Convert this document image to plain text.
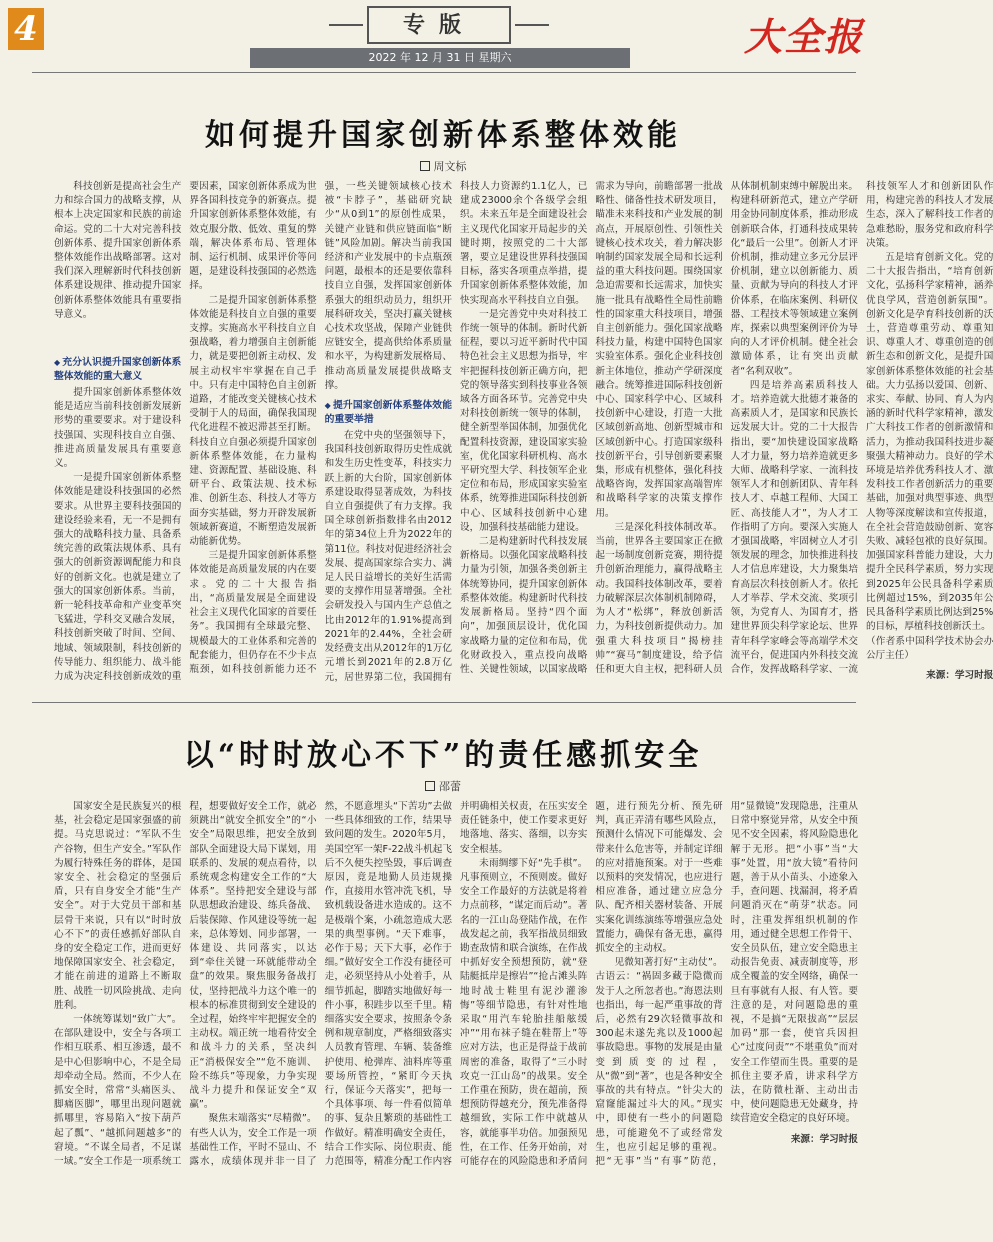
4	专版
2022 年 12 月 31 日 星期六	大全报
如何提升国家创新体系整体效能
周文标

科技创新是提高社会生产力和综合国力的战略支撑，从根本上决定国家和民族的前途命运。党的二十大对完善科技创新体系、提升国家创新体系整体效能作出战略部署。这对我们深入理解新时代科技创新体系建设规律、推动提升国家创新体系整体效能具有重要指导意义。

◆ 充分认识提升国家创新体系整体效能的重大意义

提升国家创新体系整体效能是适应当前科技创新发展新形势的重要要求。对于建设科技强国、实现科技自立自强、推进高质量发展具有重要意义。

一是提升国家创新体系整体效能是建设科技强国的必然要求。从世界主要科技强国的建设经验来看，无一不是拥有强大的战略科技力量、具备系统完善的政策法规体系、具有强大的创新资源调配能力和良好的创新文化。也就是建立了强大的国家创新体系。当前，新一轮科技革命和产业变革突飞猛进，学科交叉融合发展，科技创新突破了时间、空间、地域、领域限制，科技创新的传导能力、组织能力、战斗能力成为决定科技创新成效的重要因素，国家创新体系成为世界各国科技竞争的新赛点。提升国家创新体系整体效能，有效克服分散、低效、重复的弊端，解决体系布局、管理体制、运行机制、成果评价等问题，是建设科技强国的必然选择。

二是提升国家创新体系整体效能是科技自立自强的重要支撑。实施高水平科技自立自强战略，着力增强自主创新能力，就是要把创新主动权、发展主动权牢牢掌握在自己手中。只有走中国特色自主创新道路，才能改变关键核心技术受制于人的局面，确保我国现代化进程不被迟滞甚至打断。科技自立自强必须提升国家创新体系整体效能，在力量构建、资源配置、基础设施、科研平台、政策法规、技术标准、创新生态、科技人才等方面夯实基础，努力开辟发展新领域新赛道，不断塑造发展新动能新优势。

三是提升国家创新体系整体效能是高质量发展的内在要求。党的二十大报告指出，“高质量发展是全面建设社会主义现代化国家的首要任务”。我国拥有全球最完整、规模最大的工业体系和完善的配套能力，但仍存在不少卡点瓶颈，如科技创新能力还不强，一些关键领域核心技术被“卡脖子”，基础研究缺少“从0到1”的原创性成果，关键产业链和供应链面临“断链”风险加剧。解决当前我国经济和产业发展中的卡点瓶颈问题，最根本的还是要依靠科技自立自强，发挥国家创新体系强大的组织动员力，组织开展科研攻关，坚决打赢关键核心技术攻坚战，保障产业链供应链安全，提高供给体系质量和水平，为构建新发展格局、推动高质量发展提供战略支撑。

◆ 提升国家创新体系整体效能的重要举措

在党中央的坚强领导下，我国科技创新取得历史性成就和发生历史性变革，科技实力跃上新的大台阶，国家创新体系建设取得显著成效，为科技自立自强提供了有力支撑。我国全球创新指数排名由2012年的第34位上升为2022年的第11位。科技对促进经济社会发展、提高国家综合实力、满足人民日益增长的美好生活需要的支撑作用显著增强。全社会研发投入与国内生产总值之比由2012年的1.91%提高到2021年的2.44%，全社会研发经费支出从2012年的1万亿元增长到2021年的2.8万亿元，居世界第二位，我国拥有科技人力资源约1.1亿人，已建成23000余个各级学会组织。未来五年是全面建设社会主义现代化国家开局起步的关键时期，按照党的二十大部署，要立足建设世界科技强国目标，落实各项重点举措，提升国家创新体系整体效能，加快实现高水平科技自立自强。

一是完善党中央对科技工作统一领导的体制。新时代新征程，要以习近平新时代中国特色社会主义思想为指导，牢牢把握科技创新正确方向，把党的领导落实到科技事业各领域各方面各环节。完善党中央对科技创新统一领导的体制，健全新型举国体制，加强优化配置科技资源，建设国家实验室，优化国家科研机构、高水平研究型大学、科技领军企业定位和布局，形成国家实验室体系，统筹推进国际科技创新中心、区域科技创新中心建设，加强科技基础能力建设。

二是构建新时代科技发展新格局。以强化国家战略科技力量为引领，加强各类创新主体统筹协同，提升国家创新体系整体效能。构建新时代科技发展新格局。坚持“四个面向”，加强顶层设计，优化国家战略力量的定位和布局，优化财政投入，重点投向战略性、关键性领域，以国家战略需求为导向，前瞻部署一批战略性、储备性技术研发项目，瞄准未来科技和产业发展的制高点，开展原创性、引领性关键核心技术攻关，着力解决影响制约国家发展全局和长远利益的重大科技问题。围绕国家急迫需要和长远需求，加快实施一批具有战略性全局性前瞻性的国家重大科技项目，增强自主创新能力。强化国家战略科技力量，构建中国特色国家实验室体系。强化企业科技创新主体地位，推动产学研深度融合。统筹推进国际科技创新中心、国家科学中心、区域科技创新中心建设，打造一大批区域创新高地、创新型城市和区域创新中心。打造国家级科技创新平台，引导创新要素聚集，形成有机整体，强化科技战略咨询，发挥国家高端智库和战略科学家的决策支撑作用。

三是深化科技体制改革。当前，世界各主要国家正在掀起一场制度创新竞赛，期待提升创新治理能力，赢得战略主动。我国科技体制改革，要着力破解深层次体制机制障碍，为人才“松绑”，释放创新活力，为科技创新提供动力。加强重大科技项目“揭榜挂帅”“赛马”制度建设，给予信任和更大自主权，把科研人员从体制机制束缚中解脱出来。构建科研新范式，建立产学研用金协同制度体系，推动形成创新联合体，打通科技成果转化“最后一公里”。创新人才评价机制，推动建立多元分层评价机制，建立以创新能力、质量、贡献为导向的科技人才评价体系，在临床案例、科研仪器、工程技术等领域建立案例库，探索以典型案例评价为导向的人才评价机制。健全社会激励体系，让有突出贡献者“名利双收”。

四是培养高素质科技人才。培养造就大批德才兼备的高素质人才，是国家和民族长远发展大计。党的二十大报告指出，要“加快建设国家战略人才力量，努力培养造就更多大师、战略科学家、一流科技领军人才和创新团队、青年科技人才、卓越工程师、大国工匠、高技能人才”，为人才工作指明了方向。要深入实施人才强国战略，牢固树立人才引领发展的理念，加快推进科技人才信息库建设，大力聚集培育高层次科技创新人才。依托人才举荐、学术交流、奖项引领，为党育人、为国育才，搭建世界顶尖科学家论坛、世界青年科学家峰会等高端学术交流平台，促进国内外科技交流合作，发挥战略科学家、一流科技领军人才和创新团队作用，构建完善的科技人才发展生态，深入了解科技工作者的急难愁盼，服务党和政府科学决策。

五是培育创新文化。党的二十大报告指出，“培育创新文化，弘扬科学家精神，涵养优良学风，营造创新氛围”。创新文化是孕育科技创新的沃土，营造尊重劳动、尊重知识、尊重人才、尊重创造的创新生态和创新文化，是提升国家创新体系整体效能的社会基础。大力弘扬以爱国、创新、求实、奉献、协同、育人为内涵的新时代科学家精神，激发广大科技工作者的创新激情和活力，为推动我国科技进步凝聚强大精神动力。良好的学术环境是培养优秀科技人才、激发科技工作者创新活力的重要基础，加强对典型事迹、典型人物等深度解读和宣传报道，在全社会营造鼓励创新、宽容失败、减轻包袱的良好氛围。加强国家科普能力建设，大力提升全民科学素质，努力实现到2025年公民具备科学素质比例超过15%，到2035年公民具备科学素质比例达到25%的目标，厚植科技创新沃土。

（作者系中国科学技术协会办公厅主任）

来源：学习时报
以“时时放心不下”的责任感抓安全
邵蕾

国家安全是民族复兴的根基，社会稳定是国家强盛的前提。马克思说过：“军队不生产谷物，但生产安全。”军队作为履行特殊任务的群体，是国家安全、社会稳定的坚强后盾，只有自身安全才能“生产安全”。对于大党员干部和基层骨干来说，只有以“时时放心不下”的责任感抓好部队自身的安全稳定工作，进而更好地保障国家安全、社会稳定，才能在前进的道路上不断取胜、战胜一切风险挑战、走向胜利。

一体统筹谋划“致广大”。在部队建设中，安全与各项工作相互联系、相互渗透，最不是中心但影响中心，不是全局却牵动全局。然而，不少人在抓安全时，常常“头痛医头、脚痛医脚”，哪里出现问题就抓哪里，容易陷入“按下葫芦起了瓢”、“越抓问题越多”的窘境。“不谋全局者，不足谋一域。”安全工作是一项系统工程，想要做好安全工作，就必须跳出“就安全抓安全”的“小安全”局限思维，把安全放到部队全面建设大局下谋划，用联系的、发展的观点看待，以系统观念构建安全工作的“大体系”。坚持把安全建设与部队思想政治建设、练兵备战、后装保障、作风建设等统一起来，总体筹划、同步部署，一体建设、共同落实，以达到“牵住关键一环就能带动全盘”的效果。聚焦服务备战打仗，坚持把战斗力这个唯一的根本的标准贯彻到安全建设的全过程，始终牢牢把握安全的主动权。端正统一地看待安全和战斗力的关系，坚决纠正“消极保安全”“危不施训、险不练兵”等现象，力争实现战斗力提升和保证安全“双赢”。

聚焦末端落实“尽精微”。有些人认为，安全工作是一项基础性工作，平时不显山、不露水，成绩体现并非一目了然，不愿意埋头“下苦功”去做一些具体细致的工作，结果导致问题的发生。2020年5月，美国空军一架F-22战斗机起飞后不久便失控坠毁，事后调查原因，竟是地勤人员违规操作，直接用水管冲洗飞机，导致机载设备进水造成的。这不是极端个案，小疏忽造成大恶果的典型事例。“天下难事，必作于易；天下大事，必作于细。”做好安全工作没有捷径可走，必须坚持从小处着手，从细节抓起，脚踏实地做好每一件小事，积跬步以至千里。精细落实安全要求，按照条令条例和规章制度，严格细致落实人员教育管理、车辆、装备维护使用、枪弹库、油料库等重要场所管控，“紧盯今天执行，保证今天落实”，把每一个具体事项、每一件看似简单的事、复杂且繁琐的基础性工作做好。精准明确安全责任，结合工作实际、岗位职责、能力范围等，精准分配工作内容并明确相关权责，在压实安全责任链条中，使工作要求更好地落地、落实、落细，以夯实安全根基。

未雨绸缪下好“先手棋”。凡事预则立，不预则废。做好安全工作最好的方法就是将着力点前移，“谋定而后动”。著名的一江山岛登陆作战，在作战发起之前，我军指战员细致勘查敌情和联合演练，在作战中抓好安全预想预防，就“登陆艇抵岸是擦岩”“抢占滩头阵地时战士鞋里有泥沙灌渗悔”等细节隐患，有针对性地采取“用汽车轮胎挂船舷缓冲”“用布袜子缝在鞋帮上”等应对方法，也正是得益于战前周密的准备，取得了“三小时攻克一江山岛”的战果。安全工作重在预防，贵在超前，预想预防得越充分，预先准备得越细致，实际工作中就越从容，就能事半功倍。加强预见性，在工作、任务开始前，对可能存在的风险隐患和矛盾问题，进行预先分析、预先研判，真正弄清有哪些风险点，预测什么情况下可能爆发、会带来什么危害等，并制定详细的应对措施预案。对于一些难以预料的突发情况，也应进行相应准备，通过建立应急分队、配齐相关器材装备、开展实案化训练演练等增强应急处置能力，确保有备无患，赢得抓安全的主动权。

见微知著打好“主动仗”。古语云：“祸固多藏于隐微而发于人之所忽者也。”海恩法则也指出，每一起严重事故的背后，必然有29次轻微事故和300起未遂先兆以及1000起事故隐患。事物的发展是由量变到质变的过程，从“微”到“著”，也是各种安全事故的共有特点。“针尖大的窟窿能漏过斗大的风。”现实中，即使有一些小的问题隐患，可能避免不了或经常发生，也应引起足够的重视。把“无事”当“有事”防范，用“显微镜”发现隐患，注重从日常中察觉异常，从安全中预见不安全因素，将风险隐患化解于无形。把“小事”当“大事”处置，用“放大镜”看待问题，善于从小苗头、小迹象入手，查问题、找漏洞，将矛盾问题消灭在“萌芽”状态。同时，注重发挥组织机制的作用，通过健全思想工作骨干、安全员队伍，建立安全隐患主动报告免责、减责制度等，形成全覆盖的安全网络，确保一旦有事就有人报、有人管。要注意的是，对问题隐患的重视，不是搞“无限拔高”“层层加码”那一套，使官兵因担心“过度问责”“不堪重负”而对安全工作望而生畏。重要的是抓住主要矛盾，讲求科学方法，在防微杜渐、主动出击中，使问题隐患无处藏身，持续营造安全稳定的良好环境。

来源：学习时报
